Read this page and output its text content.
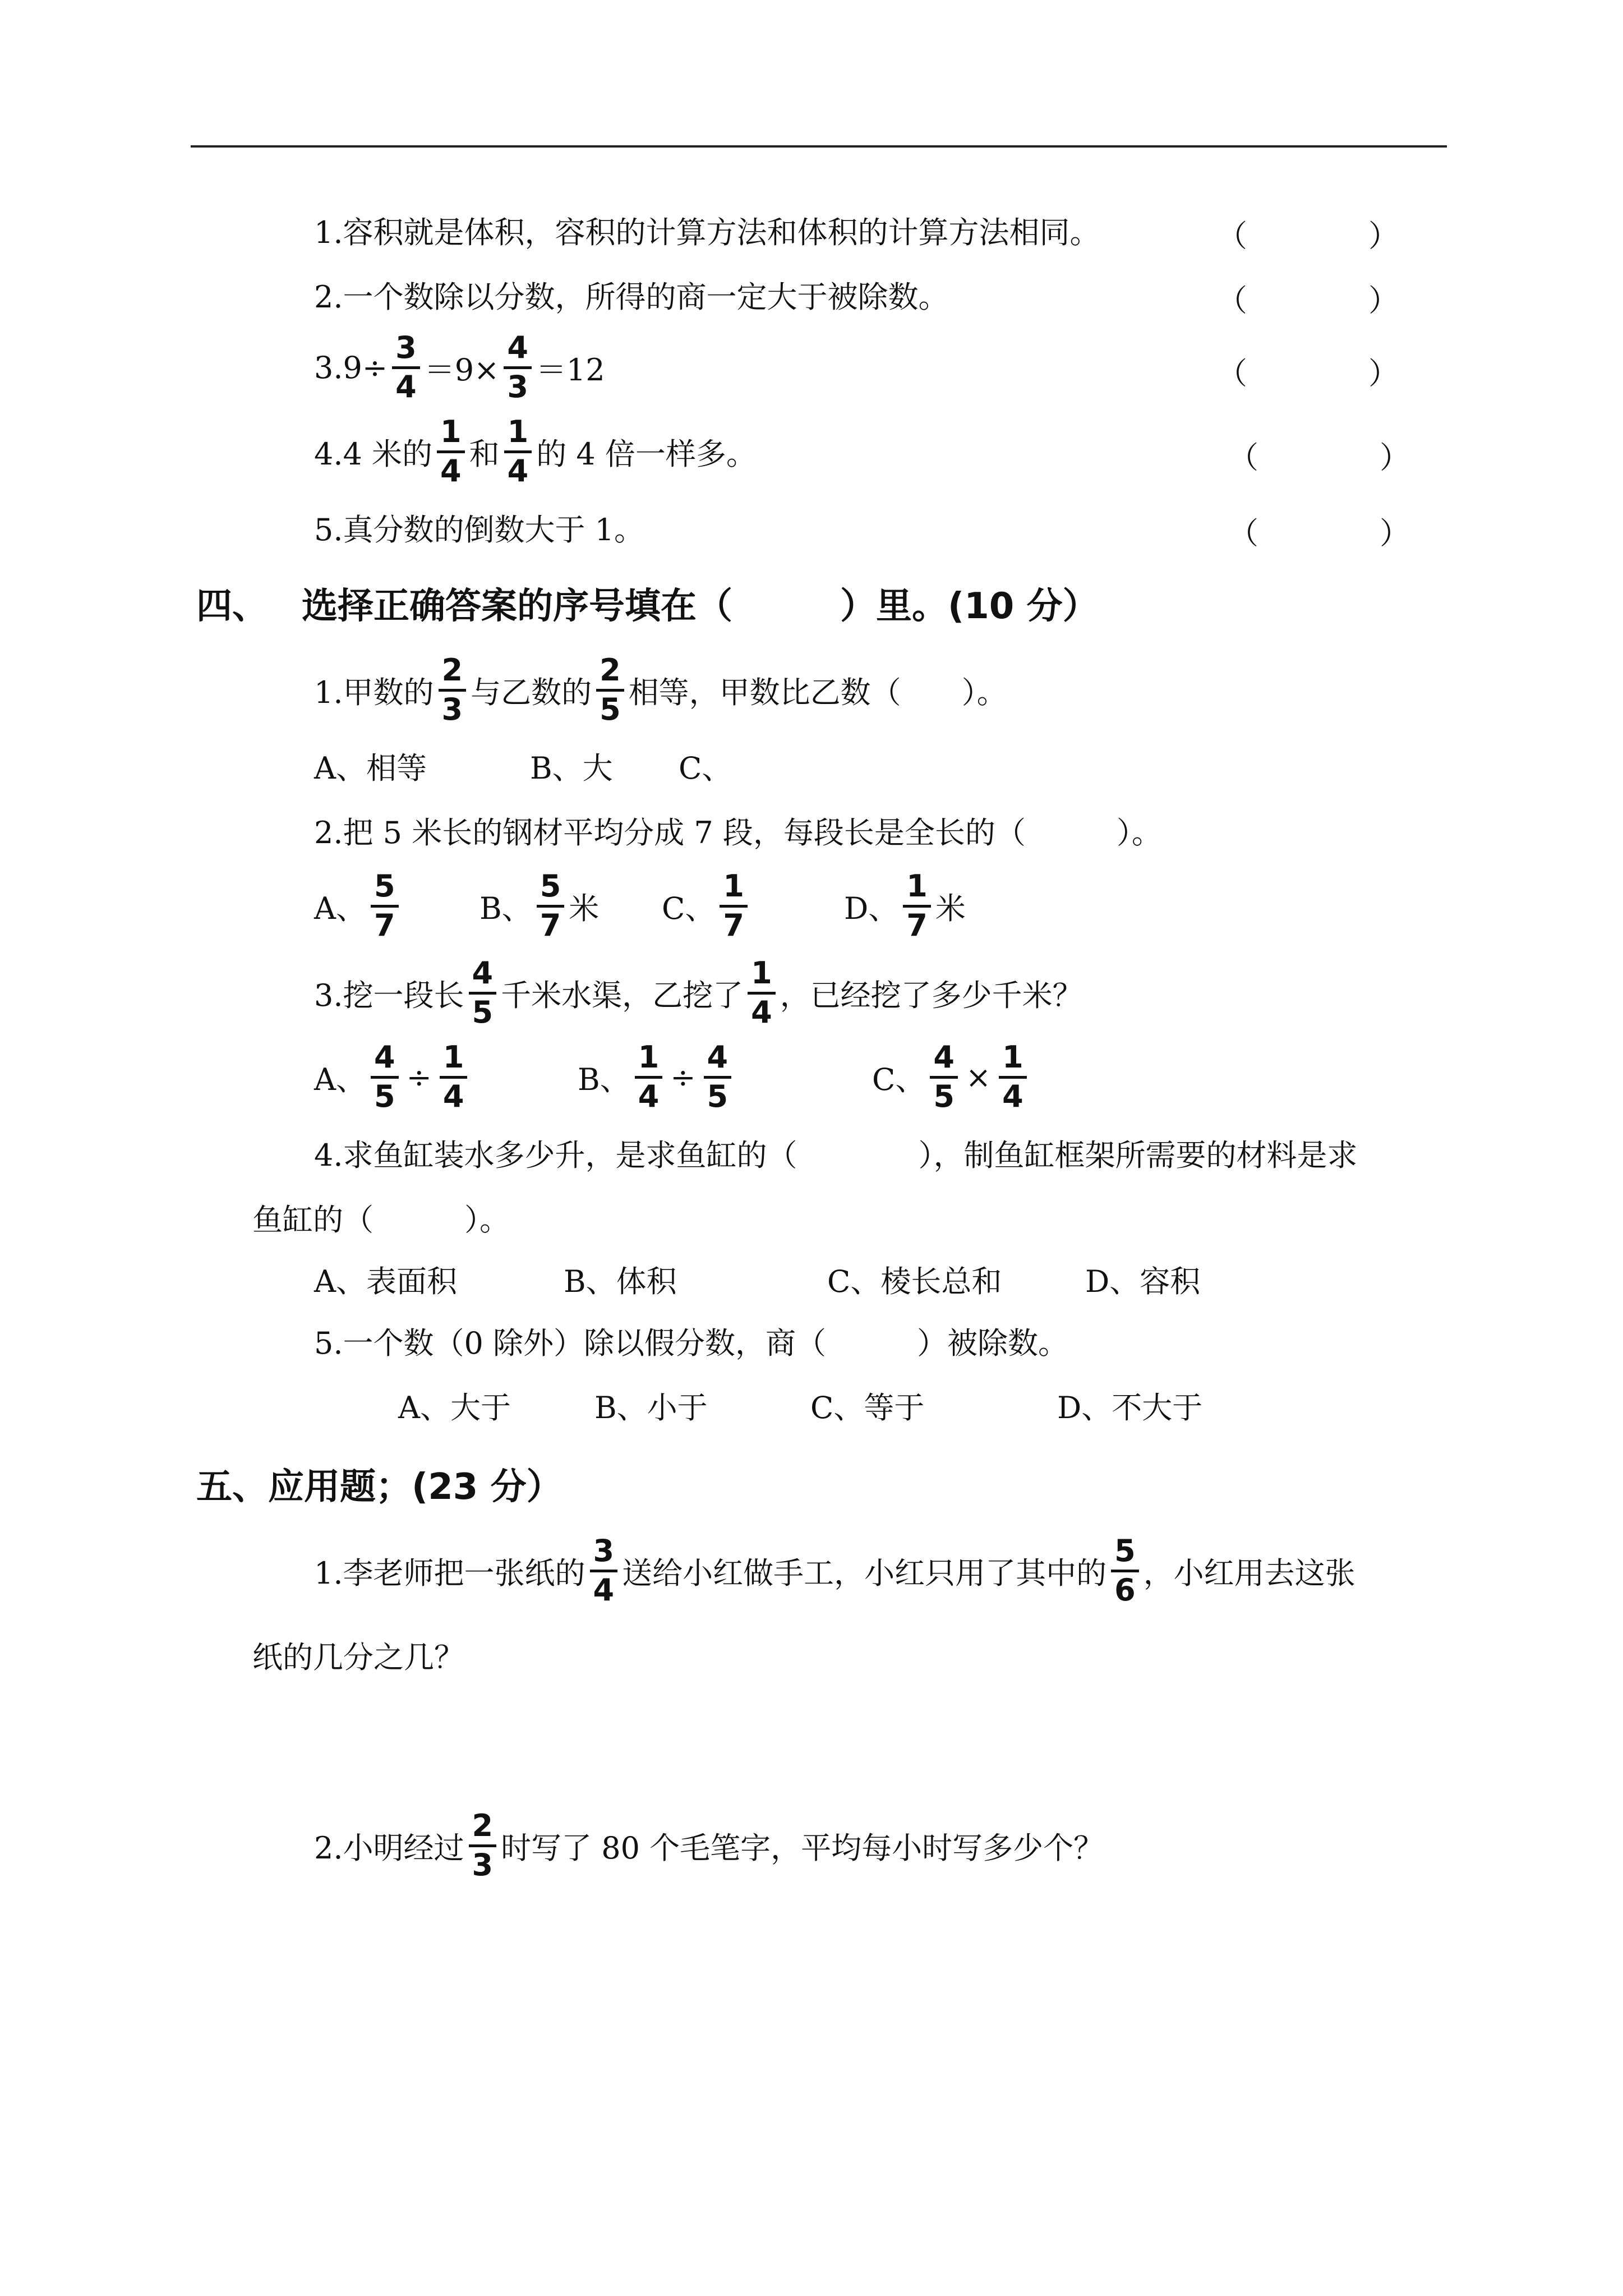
1.容积就是体积，容积的计算方法和体积的计算方法相同。	（	）
2.一个数除以分数，所得的商一定大于被除数。	（	）
3.9÷
3
4 ＝9×
4
3 ＝12	（	）
4.4 米的
1
4 和
1
4 的 4 倍一样多。	（	）
5.真分数的倒数大于 1。	（	）
四、 选择正确答案的序号填在（　　　）里。(10 分）
1.甲数的
2
3 与乙数的
2
5 相等，甲数比乙数（　　）。
A、相等	B、大 C、
2.把 5 米长的钢材平均分成 7 段，每段长是全长的（　　　）。
A、
5
7	B、
5
7 米 C、
1
7	D、
1
7 米
3.挖一段长
4
5 千米水渠，乙挖了
1
4 ，已经挖了多少千米？
A、
4
5
÷
1
4	B、
1
4
÷
4
5	C、
4
5
×
1
4
4.求鱼缸装水多少升，是求鱼缸的（　　　　），制鱼缸框架所需要的材料是求
鱼缸的（　　　）。
A、表面积	B、体积	C、棱长总和	D、容积
5.一个数（0 除外）除以假分数，商（　　　）被除数。
A、大于	B、小于	C、等于	D、不大于
五、应用题；(23 分）
1.李老师把一张纸的
3
4 送给小红做手工，小红只用了其中的
5
6 ，小红用去这张
纸的几分之几？
2.小明经过
2
3 时写了 80 个毛笔字，平均每小时写多少个？
